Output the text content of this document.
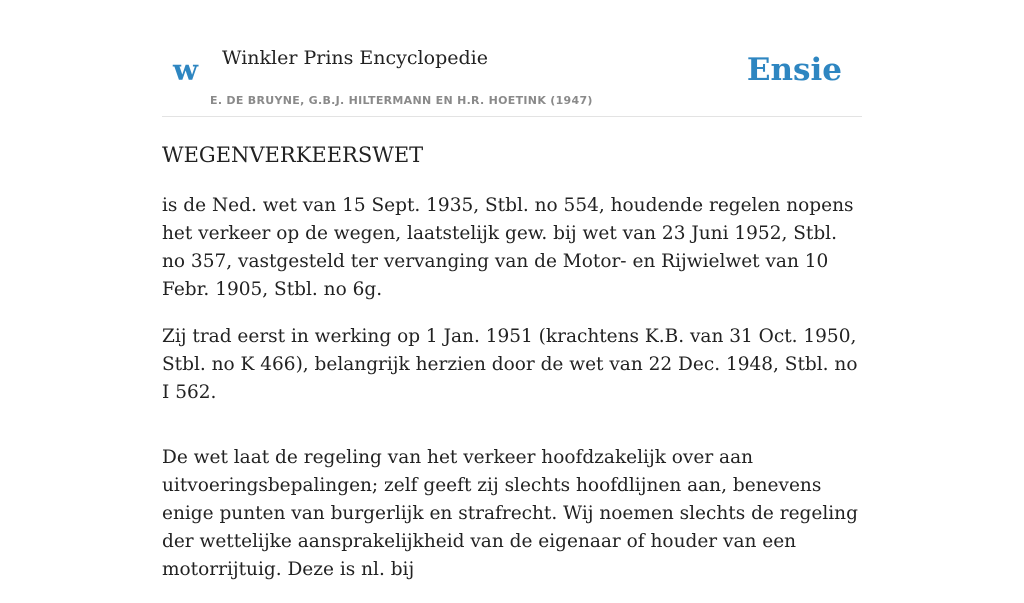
w Winkler Prins Encyclopedie
E. DE BRUYNE, G.B.J. HILTERMANN EN H.R. HOETINK (1947)
Ensie
WEGENVERKEERSWET

is de Ned. wet van 15 Sept. 1935, Stbl. no 554, houdende regelen nopens het verkeer op de wegen, laatstelijk gew. bij wet van 23 Juni 1952, Stbl. no 357, vastgesteld ter vervanging van de Motor- en Rijwielwet van 10 Febr. 1905, Stbl. no 6g.

Zij trad eerst in werking op 1 Jan. 1951 (krachtens K.B. van 31 Oct. 1950, Stbl. no K 466), belangrijk herzien door de wet van 22 Dec. 1948, Stbl. no I 562.

De wet laat de regeling van het verkeer hoofdzakelijk over aan uitvoeringsbepalingen; zelf geeft zij slechts hoofdlijnen aan, benevens enige punten van burgerlijk en strafrecht. Wij noemen slechts de regeling der wettelijke aansprakelijkheid van de eigenaar of houder van een motorrijtuig. Deze is nl. bij
